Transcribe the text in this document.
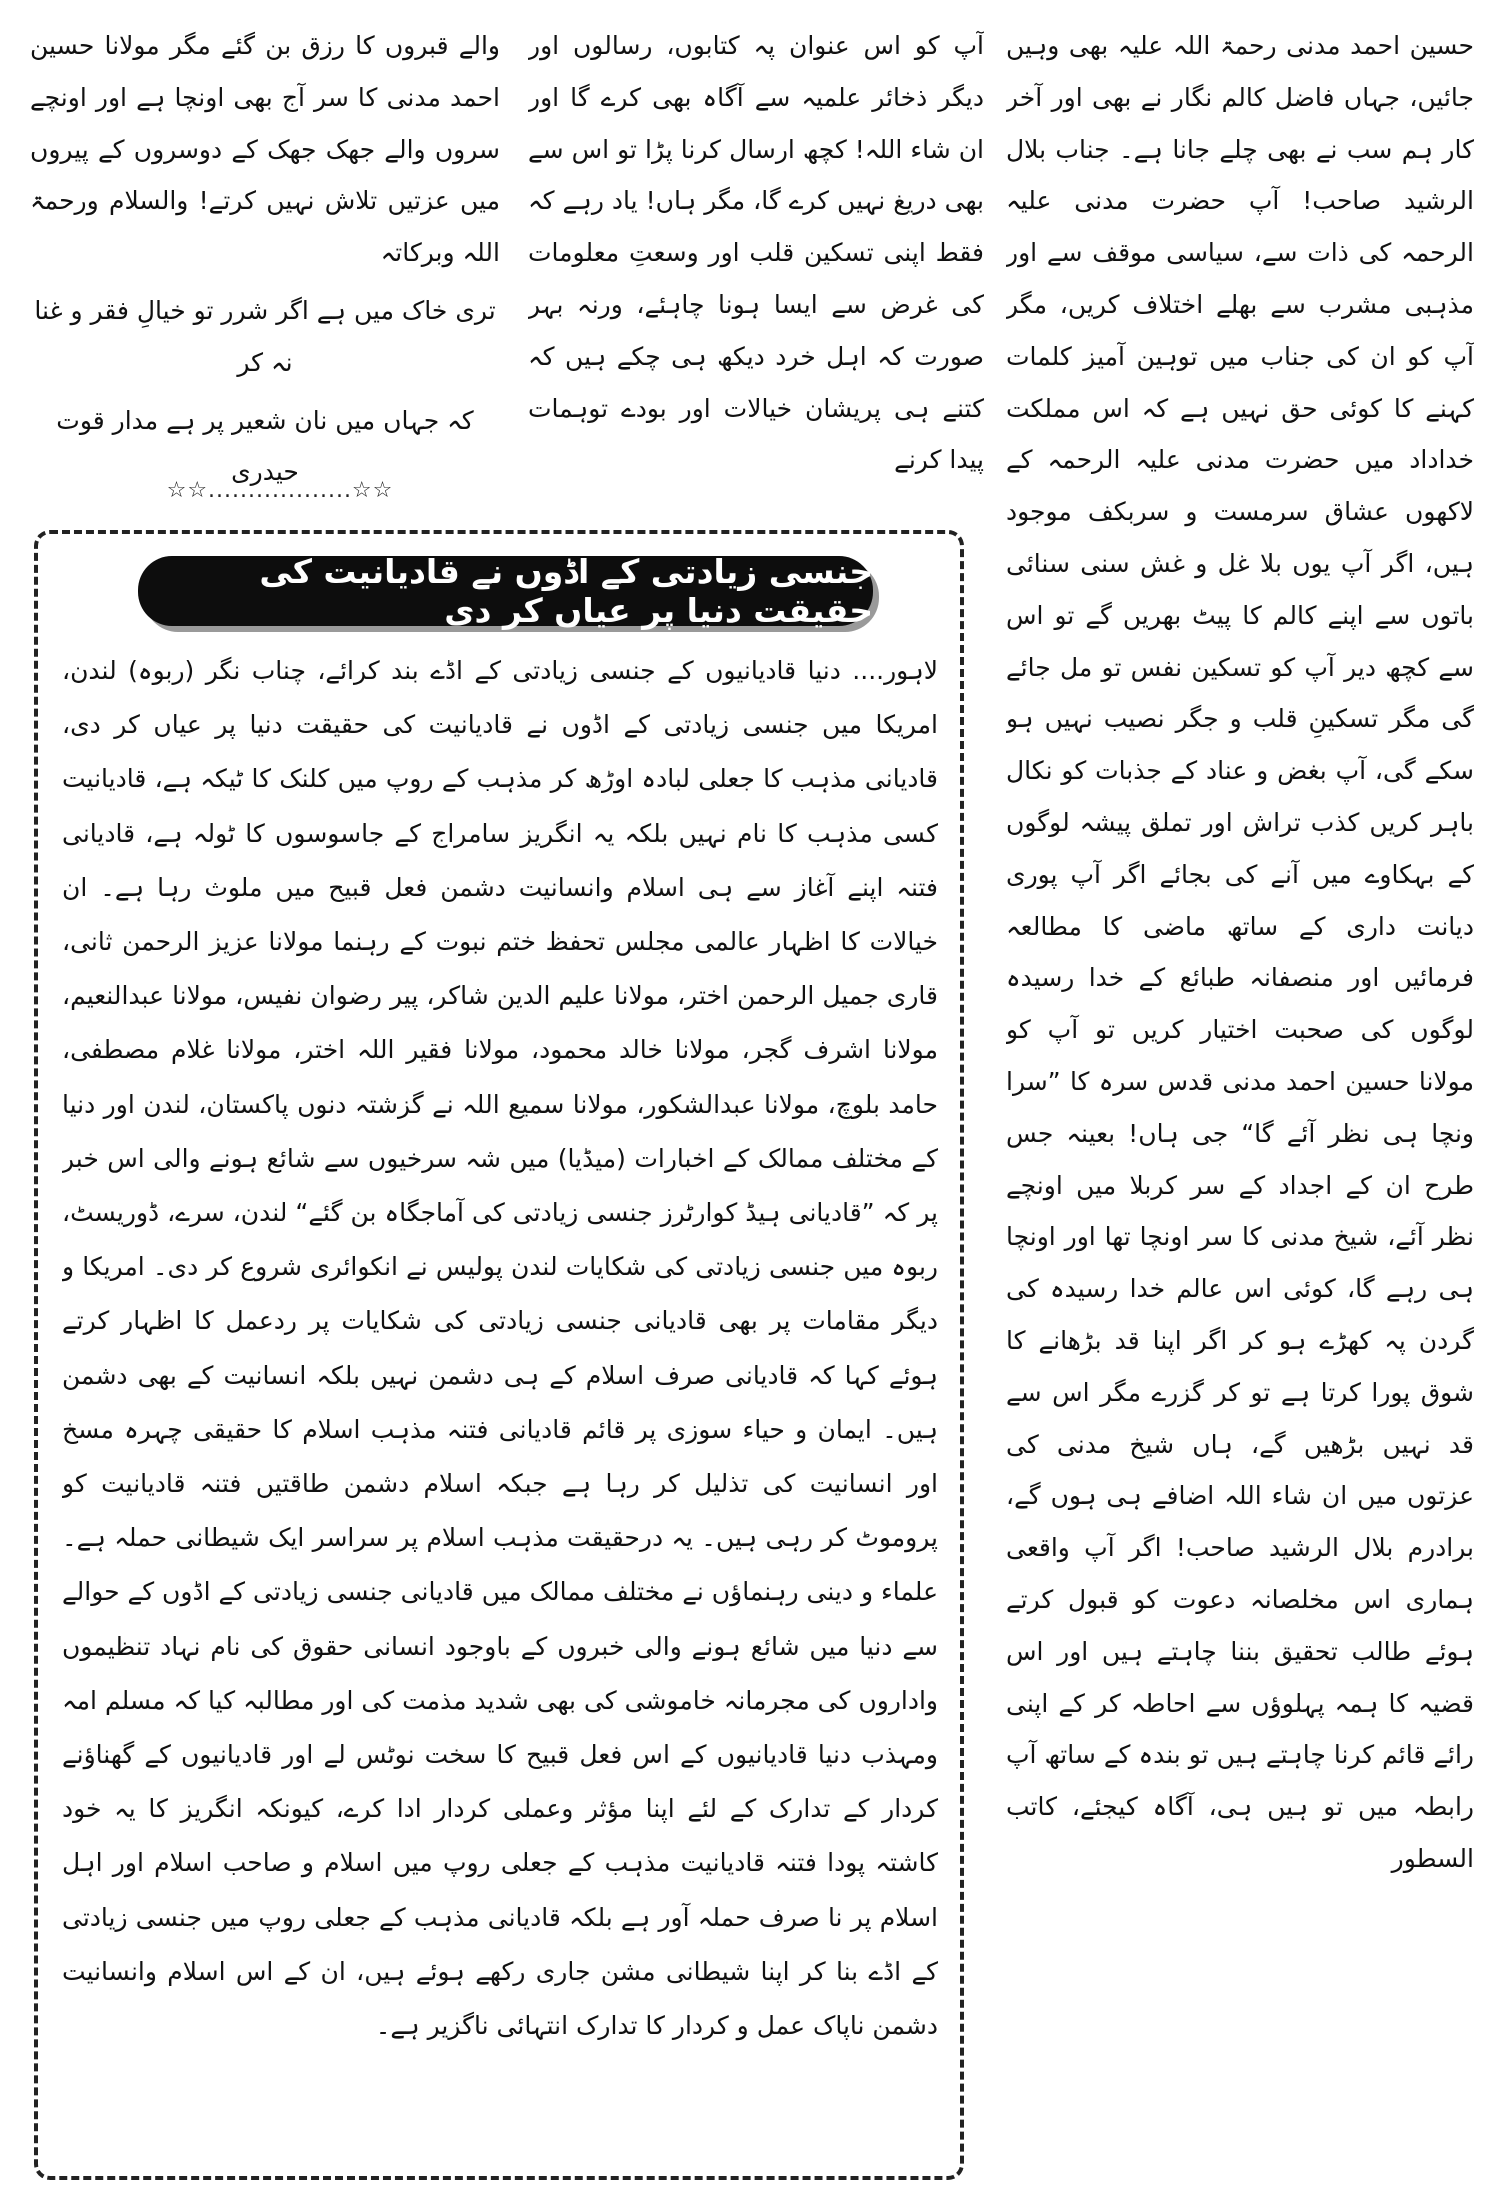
حسین احمد مدنی رحمۃ اللہ علیہ بھی وہیں جائیں، جہاں فاضل کالم نگار نے بھی اور آخر کار ہم سب نے بھی چلے جانا ہے۔ جناب بلال الرشید صاحب! آپ حضرت مدنی علیہ الرحمہ کی ذات سے، سیاسی موقف سے اور مذہبی مشرب سے بھلے اختلاف کریں، مگر آپ کو ان کی جناب میں توہین آمیز کلمات کہنے کا کوئی حق نہیں ہے کہ اس مملکت خداداد میں حضرت مدنی علیہ الرحمہ کے لاکھوں عشاق سرمست و سربکف موجود ہیں، اگر آپ یوں بلا غل و غش سنی سنائی باتوں سے اپنے کالم کا پیٹ بھریں گے تو اس سے کچھ دیر آپ کو تسکین نفس تو مل جائے گی مگر تسکینِ قلب و جگر نصیب نہیں ہو سکے گی، آپ بغض و عناد کے جذبات کو نکال باہر کریں کذب تراش اور تملق پیشہ لوگوں کے بہکاوے میں آنے کی بجائے اگر آپ پوری دیانت داری کے ساتھ ماضی کا مطالعہ فرمائیں اور منصفانہ طبائع کے خدا رسیدہ لوگوں کی صحبت اختیار کریں تو آپ کو مولانا حسین احمد مدنی قدس سرہ کا ”سرا ونچا ہی نظر آئے گا“ جی ہاں! بعینہ جس طرح ان کے اجداد کے سر کربلا میں اونچے نظر آئے، شیخ مدنی کا سر اونچا تھا اور اونچا ہی رہے گا، کوئی اس عالم خدا رسیدہ کی گردن پہ کھڑے ہو کر اگر اپنا قد بڑھانے کا شوق پورا کرتا ہے تو کر گزرے مگر اس سے قد نہیں بڑھیں گے، ہاں شیخ مدنی کی عزتوں میں ان شاء اللہ اضافے ہی ہوں گے، برادرم بلال الرشید صاحب! اگر آپ واقعی ہماری اس مخلصانہ دعوت کو قبول کرتے ہوئے طالب تحقیق بننا چاہتے ہیں اور اس قضیہ کا ہمہ پہلوؤں سے احاطہ کر کے اپنی رائے قائم کرنا چاہتے ہیں تو بندہ کے ساتھ آپ رابطہ میں تو ہیں ہی، آگاہ کیجئے، کاتب السطور

آپ کو اس عنوان پہ کتابوں، رسالوں اور دیگر ذخائر علمیہ سے آگاہ بھی کرے گا اور ان شاء اللہ! کچھ ارسال کرنا پڑا تو اس سے بھی دریغ نہیں کرے گا، مگر ہاں! یاد رہے کہ فقط اپنی تسکین قلب اور وسعتِ معلومات کی غرض سے ایسا ہونا چاہئے، ورنہ بہر صورت کہ اہل خرد دیکھ ہی چکے ہیں کہ کتنے ہی پریشان خیالات اور بودے توہمات پیدا کرنے

والے قبروں کا رزق بن گئے مگر مولانا حسین احمد مدنی کا سر آج بھی اونچا ہے اور اونچے سروں والے جھک جھک کے دوسروں کے پیروں میں عزتیں تلاش نہیں کرتے! والسلام ورحمۃ اللہ وبرکاتہ

تری خاک میں ہے اگر شرر تو خیالِ فقر و غنا نہ کر

کہ جہاں میں نان شعیر پر ہے مدار قوت حیدری

☆☆..................☆☆
جنسی زیادتی کے اڈوں نے قادیانیت کی حقیقت دنیا پر عیاں کر دی

لاہور.... دنیا قادیانیوں کے جنسی زیادتی کے اڈے بند کرائے، چناب نگر (ربوہ) لندن، امریکا میں جنسی زیادتی کے اڈوں نے قادیانیت کی حقیقت دنیا پر عیاں کر دی، قادیانی مذہب کا جعلی لبادہ اوڑھ کر مذہب کے روپ میں کلنک کا ٹیکہ ہے، قادیانیت کسی مذہب کا نام نہیں بلکہ یہ انگریز سامراج کے جاسوسوں کا ٹولہ ہے، قادیانی فتنہ اپنے آغاز سے ہی اسلام وانسانیت دشمن فعل قبیح میں ملوث رہا ہے۔ ان خیالات کا اظہار عالمی مجلس تحفظ ختم نبوت کے رہنما مولانا عزیز الرحمن ثانی، قاری جمیل الرحمن اختر، مولانا علیم الدین شاکر، پیر رضوان نفیس، مولانا عبدالنعیم، مولانا اشرف گجر، مولانا خالد محمود، مولانا فقیر اللہ اختر، مولانا غلام مصطفی، حامد بلوچ، مولانا عبدالشکور، مولانا سمیع اللہ نے گزشتہ دنوں پاکستان، لندن اور دنیا کے مختلف ممالک کے اخبارات (میڈیا) میں شہ سرخیوں سے شائع ہونے والی اس خبر پر کہ ”قادیانی ہیڈ کوارٹرز جنسی زیادتی کی آماجگاہ بن گئے“ لندن، سرے، ڈوریسٹ، ربوہ میں جنسی زیادتی کی شکایات لندن پولیس نے انکوائری شروع کر دی۔ امریکا و دیگر مقامات پر بھی قادیانی جنسی زیادتی کی شکایات پر ردعمل کا اظہار کرتے ہوئے کہا کہ قادیانی صرف اسلام کے ہی دشمن نہیں بلکہ انسانیت کے بھی دشمن ہیں۔ ایمان و حیاء سوزی پر قائم قادیانی فتنہ مذہب اسلام کا حقیقی چہرہ مسخ اور انسانیت کی تذلیل کر رہا ہے جبکہ اسلام دشمن طاقتیں فتنہ قادیانیت کو پروموٹ کر رہی ہیں۔ یہ درحقیقت مذہب اسلام پر سراسر ایک شیطانی حملہ ہے۔ علماء و دینی رہنماؤں نے مختلف ممالک میں قادیانی جنسی زیادتی کے اڈوں کے حوالے سے دنیا میں شائع ہونے والی خبروں کے باوجود انسانی حقوق کی نام نہاد تنظیموں واداروں کی مجرمانہ خاموشی کی بھی شدید مذمت کی اور مطالبہ کیا کہ مسلم امہ ومہذب دنیا قادیانیوں کے اس فعل قبیح کا سخت نوٹس لے اور قادیانیوں کے گھناؤنے کردار کے تدارک کے لئے اپنا مؤثر وعملی کردار ادا کرے، کیونکہ انگریز کا یہ خود کاشتہ پودا فتنہ قادیانیت مذہب کے جعلی روپ میں اسلام و صاحب اسلام اور اہل اسلام پر نا صرف حملہ آور ہے بلکہ قادیانی مذہب کے جعلی روپ میں جنسی زیادتی کے اڈے بنا کر اپنا شیطانی مشن جاری رکھے ہوئے ہیں، ان کے اس اسلام وانسانیت دشمن ناپاک عمل و کردار کا تدارک انتہائی ناگزیر ہے۔
